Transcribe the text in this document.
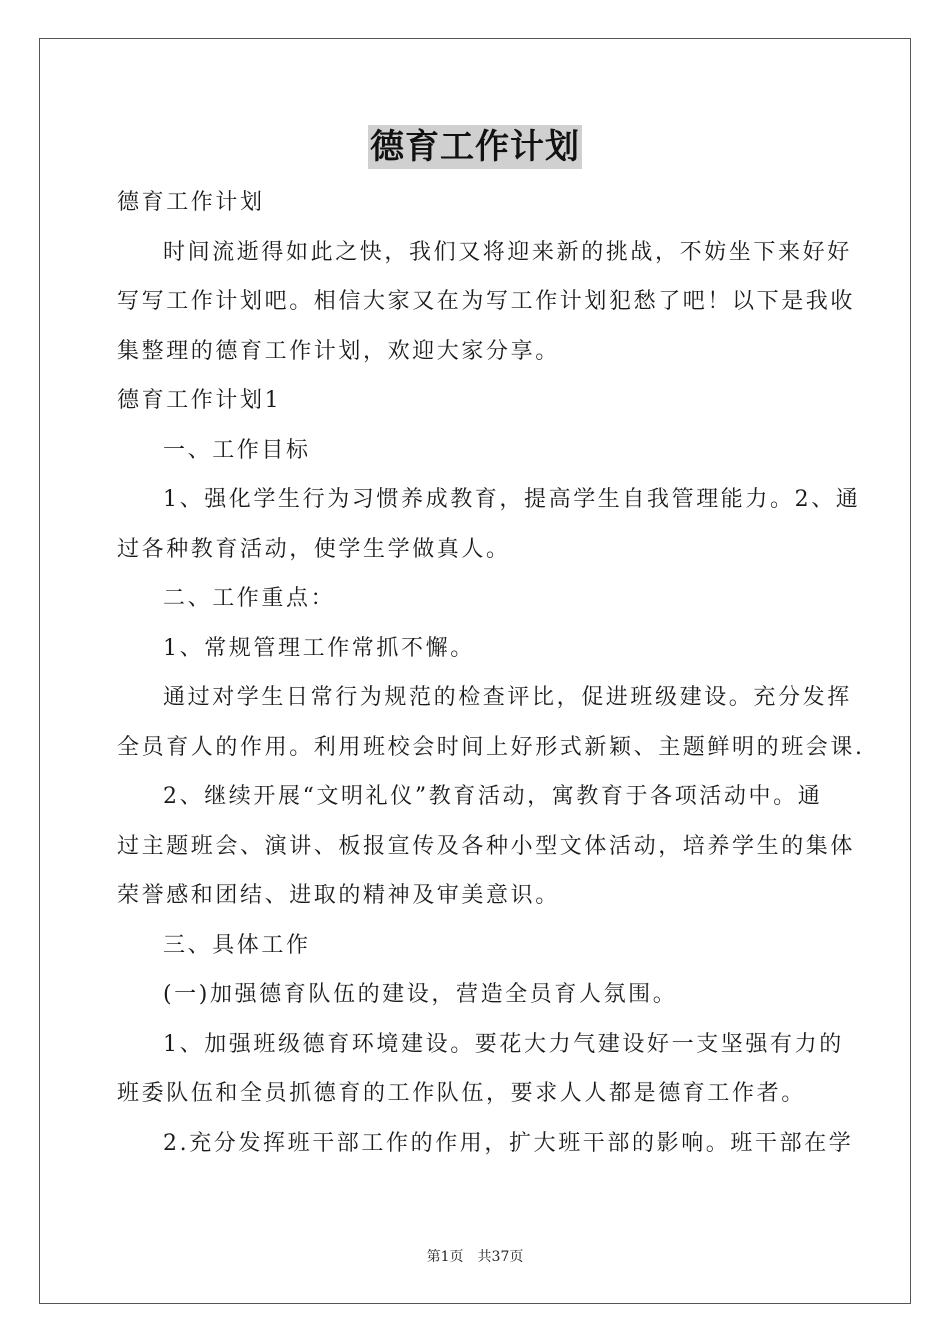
德育工作计划
德育工作计划
时间流逝得如此之快，我们又将迎来新的挑战，不妨坐下来好好
写写工作计划吧。相信大家又在为写工作计划犯愁了吧！以下是我收
集整理的德育工作计划，欢迎大家分享。
德育工作计划1
一、工作目标
1、强化学生行为习惯养成教育，提高学生自我管理能力。2、通
过各种教育活动，使学生学做真人。
二、工作重点：
1、常规管理工作常抓不懈。
通过对学生日常行为规范的检查评比，促进班级建设。充分发挥
全员育人的作用。利用班校会时间上好形式新颖、主题鲜明的班会课.
2、继续开展“文明礼仪”教育活动，寓教育于各项活动中。通
过主题班会、演讲、板报宣传及各种小型文体活动，培养学生的集体
荣誉感和团结、进取的精神及审美意识。
三、具体工作
(一)加强德育队伍的建设，营造全员育人氛围。
1、加强班级德育环境建设。要花大力气建设好一支坚强有力的
班委队伍和全员抓德育的工作队伍，要求人人都是德育工作者。
2.充分发挥班干部工作的作用，扩大班干部的影响。班干部在学
第1页 共37页
